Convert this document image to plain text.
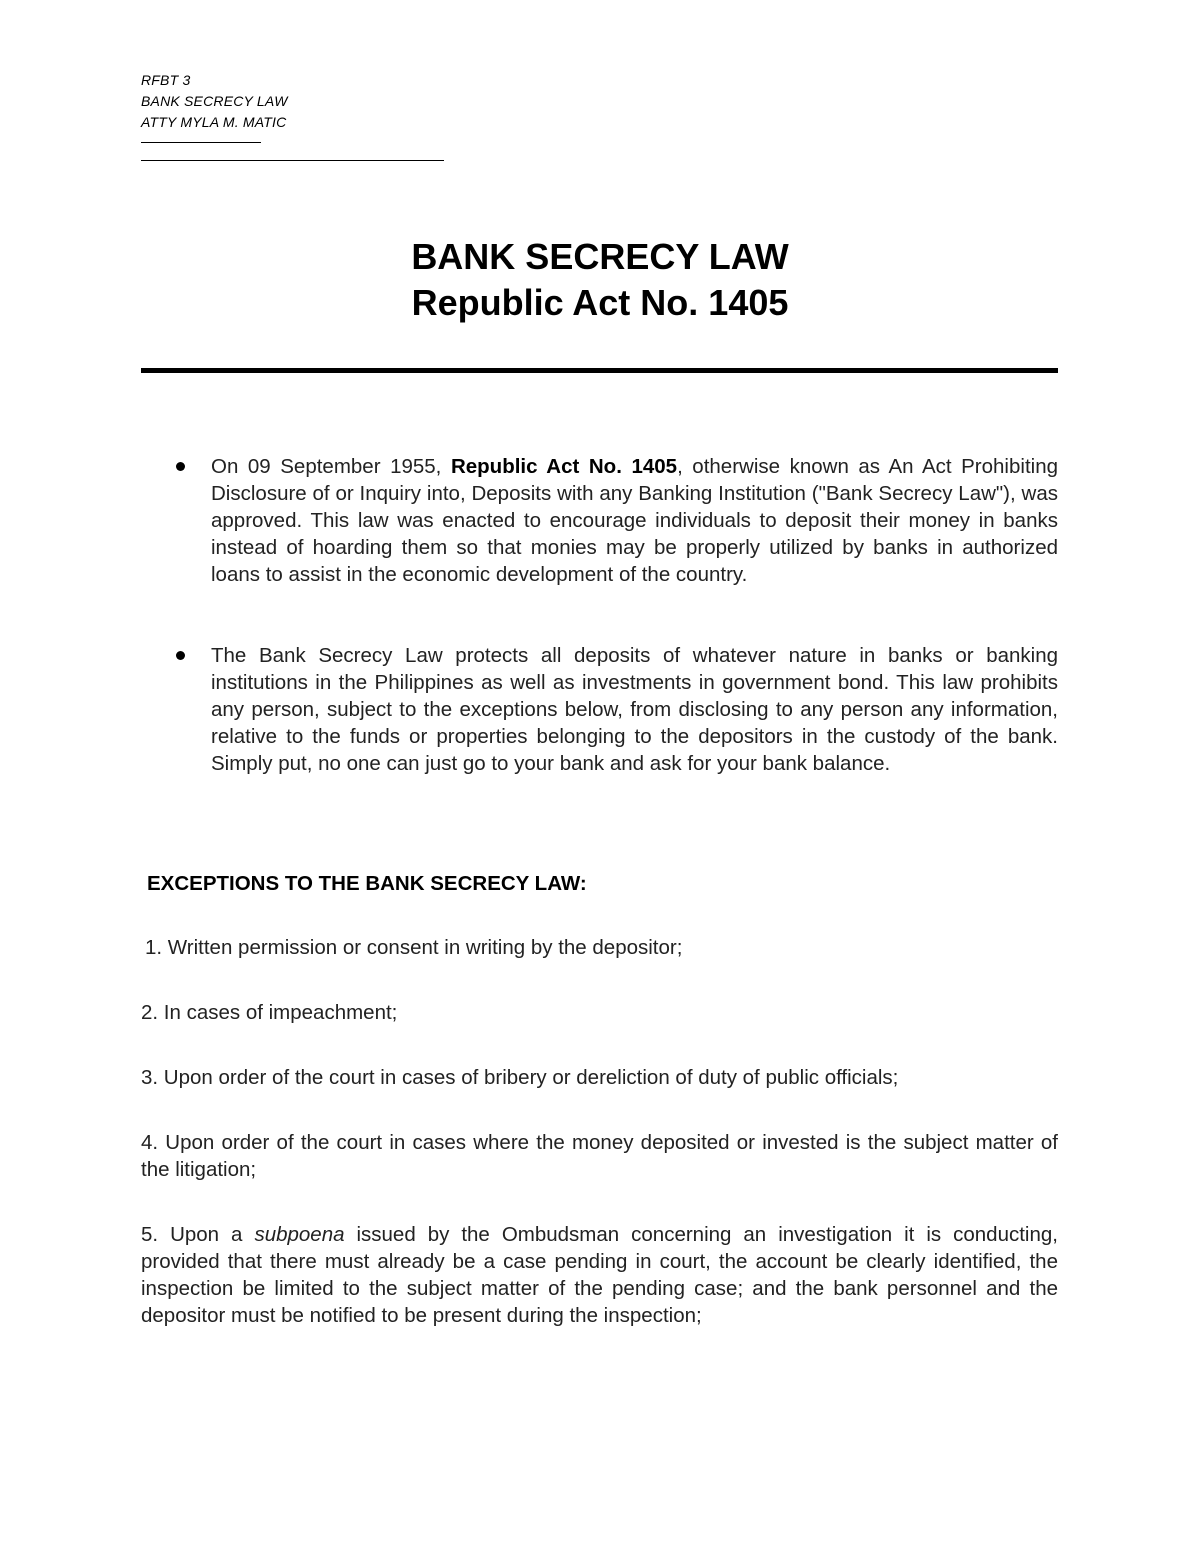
RFBT 3
BANK SECRECY LAW
ATTY MYLA M. MATIC
BANK SECRECY LAW
Republic Act No. 1405
On 09 September 1955, Republic Act No. 1405, otherwise known as An Act Prohibiting Disclosure of or Inquiry into, Deposits with any Banking Institution ("Bank Secrecy Law"), was approved. This law was enacted to encourage individuals to deposit their money in banks instead of hoarding them so that monies may be properly utilized by banks in authorized loans to assist in the economic development of the country.
The Bank Secrecy Law protects all deposits of whatever nature in banks or banking institutions in the Philippines as well as investments in government bond. This law prohibits any person, subject to the exceptions below, from disclosing to any person any information, relative to the funds or properties belonging to the depositors in the custody of the bank. Simply put, no one can just go to your bank and ask for your bank balance.
EXCEPTIONS TO THE BANK SECRECY LAW:
1. Written permission or consent in writing by the depositor;
2. In cases of impeachment;
3. Upon order of the court in cases of bribery or dereliction of duty of public officials;
4. Upon order of the court in cases where the money deposited or invested is the subject matter of the litigation;
5. Upon a subpoena issued by the Ombudsman concerning an investigation it is conducting, provided that there must already be a case pending in court, the account be clearly identified, the inspection be limited to the subject matter of the pending case; and the bank personnel and the depositor must be notified to be present during the inspection;
